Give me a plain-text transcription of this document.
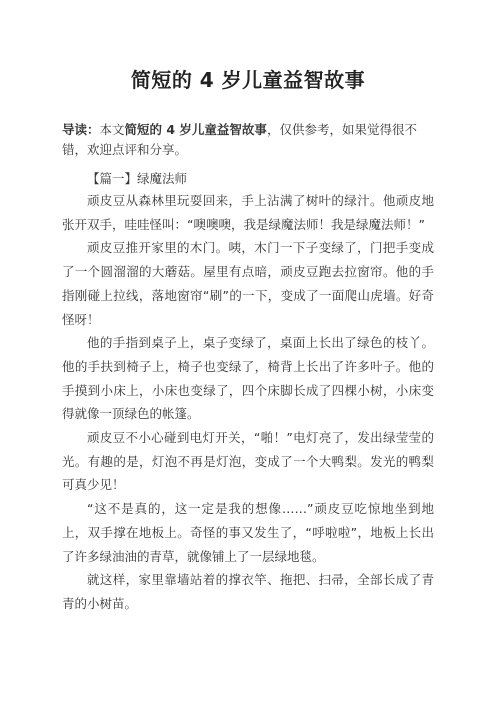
简短的 4 岁儿童益智故事
导读：本文简短的 4 岁儿童益智故事，仅供参考，如果觉得很不错，欢迎点评和分享。
【篇一】绿魔法师

顽皮豆从森林里玩耍回来，手上沾满了树叶的绿汁。他顽皮地张开双手，哇哇怪叫：“噢噢噢，我是绿魔法师！我是绿魔法师！”

顽皮豆推开家里的木门。咦，木门一下子变绿了，门把手变成了一个圆溜溜的大蘑菇。屋里有点暗，顽皮豆跑去拉窗帘。他的手指刚碰上拉线，落地窗帘“刷”的一下，变成了一面爬山虎墙。好奇怪呀！

他的手指到桌子上，桌子变绿了，桌面上长出了绿色的枝丫。他的手扶到椅子上，椅子也变绿了，椅背上长出了许多叶子。他的手摸到小床上，小床也变绿了，四个床脚长成了四棵小树，小床变得就像一顶绿色的帐篷。

顽皮豆不小心碰到电灯开关，“啪！”电灯亮了，发出绿莹莹的光。有趣的是，灯泡不再是灯泡，变成了一个大鸭梨。发光的鸭梨可真少见！

“这不是真的，这一定是我的想像……”顽皮豆吃惊地坐到地上，双手撑在地板上。奇怪的事又发生了，“呼啦啦”，地板上长出了许多绿油油的青草，就像铺上了一层绿地毯。

就这样，家里靠墙站着的撑衣竿、拖把、扫帚，全部长成了青青的小树苗。
